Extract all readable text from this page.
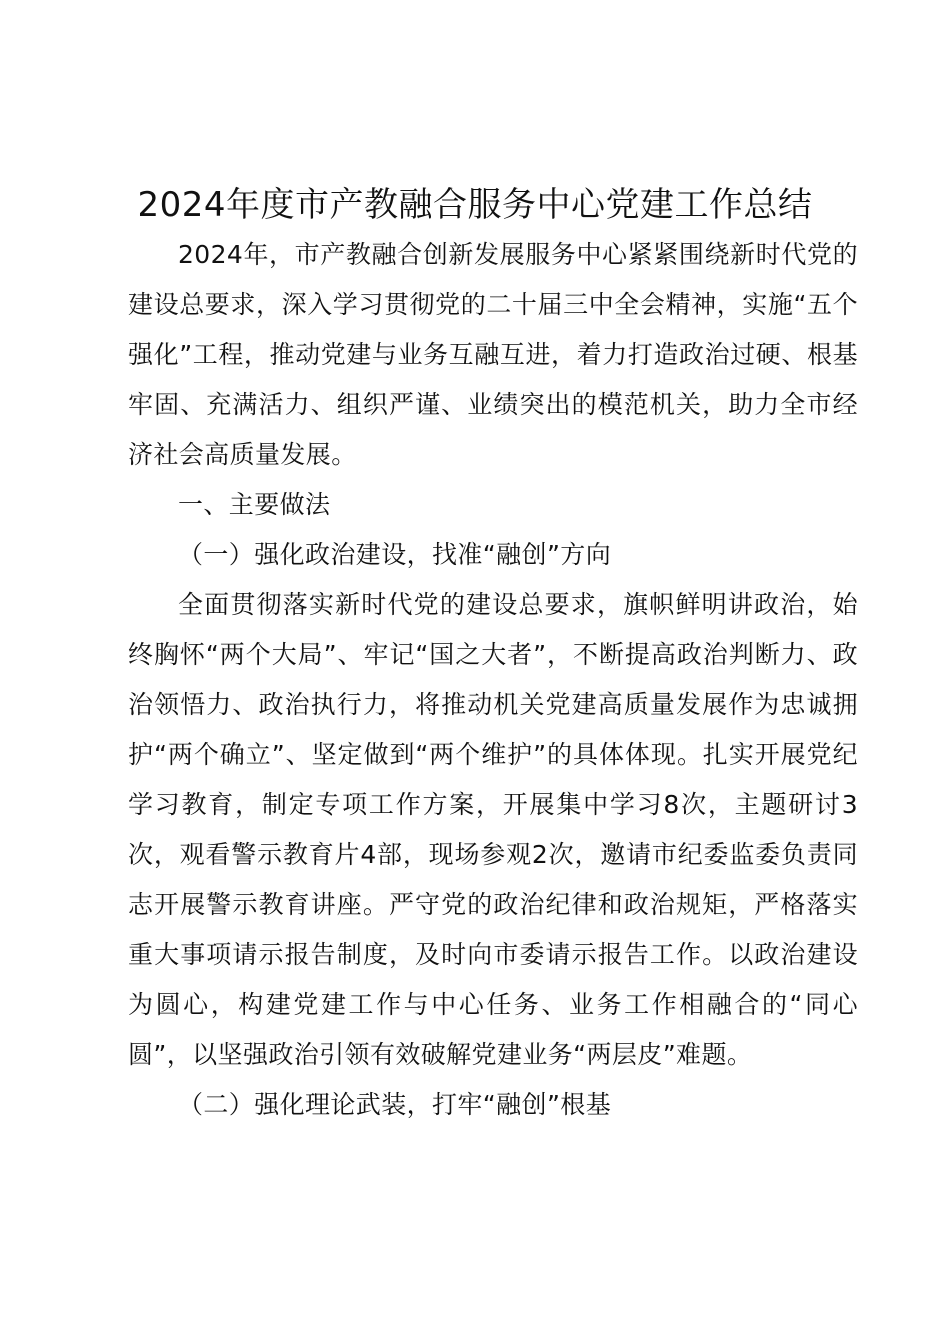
2024年度市产教融合服务中心党建工作总结

2024年，市产教融合创新发展服务中心紧紧围绕新时代党的建设总要求，深入学习贯彻党的二十届三中全会精神，实施“五个强化”工程，推动党建与业务互融互进，着力打造政治过硬、根基牢固、充满活力、组织严谨、业绩突出的模范机关，助力全市经济社会高质量发展。

一、主要做法

（一）强化政治建设，找准“融创”方向

全面贯彻落实新时代党的建设总要求，旗帜鲜明讲政治，始终胸怀“两个大局”、牢记“国之大者”，不断提高政治判断力、政治领悟力、政治执行力，将推动机关党建高质量发展作为忠诚拥护“两个确立”、坚定做到“两个维护”的具体体现。扎实开展党纪学习教育，制定专项工作方案，开展集中学习8次，主题研讨3次，观看警示教育片4部，现场参观2次，邀请市纪委监委负责同志开展警示教育讲座。严守党的政治纪律和政治规矩，严格落实重大事项请示报告制度，及时向市委请示报告工作。以政治建设为圆心，构建党建工作与中心任务、业务工作相融合的“同心圆”，以坚强政治引领有效破解党建业务“两层皮”难题。

（二）强化理论武装，打牢“融创”根基
